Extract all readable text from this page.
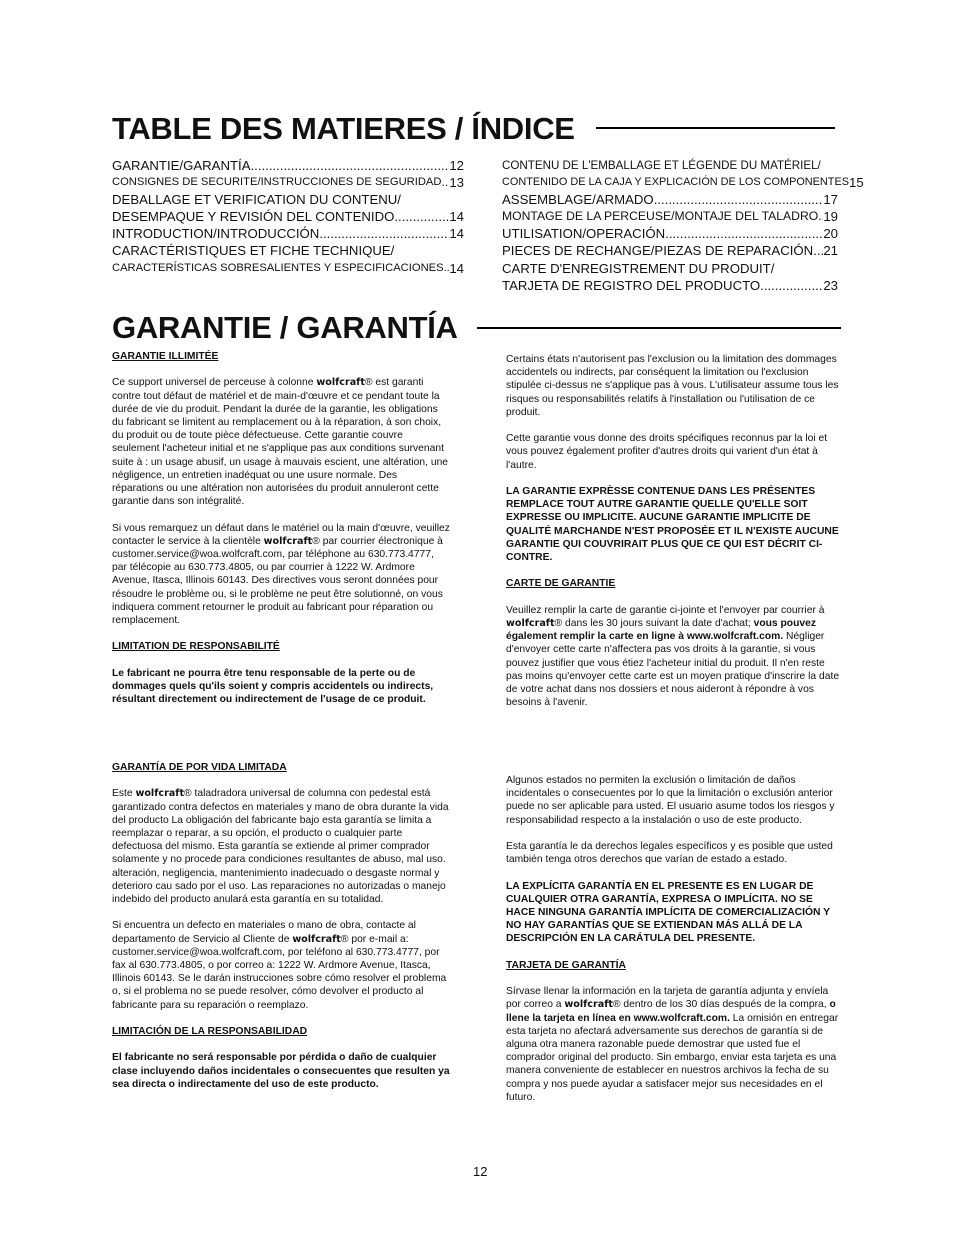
TABLE DES MATIERES / ÍNDICE
GARANTIE/GARANTÍA .....	12
CONSIGNES DE SECURITE/INSTRUCCIONES DE SEGURIDAD ..... 13
DEBALLAGE ET VERIFICATION DU CONTENU/
DESEMPAQUE Y REVISIÓN DEL CONTENIDO .....	14
INTRODUCTION/INTRODUCCIÓN .....	14
CARACTÉRISTIQUES ET FICHE TECHNIQUE/
CARACTERÍSTICAS SOBRESALIENTES Y ESPECIFICACIONES ..... 14
CONTENU DE L'EMBALLAGE ET LÉGENDE DU MATÉRIEL/
CONTENIDO DE LA CAJA Y EXPLICACIÓN DE LOS COMPONENTES 15
ASSEMBLAGE/ARMADO .....	17
MONTAGE DE LA PERCEUSE/MONTAJE DEL TALADRO ..... 19
UTILISATION/OPERACIÓN .....	20
PIECES DE RECHANGE/PIEZAS DE REPARACIÓN ..... 21
CARTE D'ENREGISTREMENT DU PRODUIT/
TARJETA DE REGISTRO DEL PRODUCTO .....	23
GARANTIE / GARANTÍA
GARANTIE ILLIMITÉE

Ce support universel de perceuse à colonne wolfcraft® est garanti contre tout défaut de matériel et de main-d'œuvre et ce pendant toute la durée de vie du produit. Pendant la durée de la garantie, les obligations du fabricant se limitent au remplacement ou à la réparation, à son choix, du produit ou de toute pièce défectueuse. Cette garantie couvre seulement l'acheteur initial et ne s'applique pas aux conditions survenant suite à : un usage abusif, un usage à mauvais escient, une altération, une négligence, un entretien inadéquat ou une usure normale. Des réparations ou une altération non autorisées du produit annuleront cette garantie dans son intégralité.

Si vous remarquez un défaut dans le matériel ou la main d'œuvre, veuillez contacter le service à la clientèle wolfcraft® par courrier électronique à customer.service@woa.wolfcraft.com, par téléphone au 630.773.4777, par télécopie au 630.773.4805, ou par courrier à 1222 W. Ardmore Avenue, Itasca, Illinois 60143. Des directives vous seront données pour résoudre le problème ou, si le problème ne peut être solutionné, on vous indiquera comment retourner le produit au fabricant pour réparation ou remplacement.

LIMITATION DE RESPONSABILITÉ

Le fabricant ne pourra être tenu responsable de la perte ou de dommages quels qu'ils soient y compris accidentels ou indirects, résultant directement ou indirectement de l'usage de ce produit.

Certains états n'autorisent pas l'exclusion ou la limitation des dommages accidentels ou indirects, par conséquent la limitation ou l'exclusion stipulée ci-dessus ne s'applique pas à vous. L'utilisateur assume tous les risques ou responsabilités relatifs à l'installation ou l'utilisation de ce produit.

Cette garantie vous donne des droits spécifiques reconnus par la loi et vous pouvez également profiter d'autres droits qui varient d'un état à l'autre.

LA GARANTIE EXPRÈSSE CONTENUE DANS LES PRÉSENTES REMPLACE TOUT AUTRE GARANTIE QUELLE QU'ELLE SOIT EXPRESSE OU IMPLICITE. AUCUNE GARANTIE IMPLICITE DE QUALITÉ MARCHANDE N'EST PROPOSÉE ET IL N'EXISTE AUCUNE GARANTIE QUI COUVRIRAIT PLUS QUE CE QUI EST DÉCRIT CI-CONTRE.

CARTE DE GARANTIE

Veuillez remplir la carte de garantie ci-jointe et l'envoyer par courrier à wolfcraft® dans les 30 jours suivant la date d'achat; vous pouvez également remplir la carte en ligne à www.wolfcraft.com. Négliger d'envoyer cette carte n'affectera pas vos droits à la garantie, si vous pouvez justifier que vous étiez l'acheteur initial du produit. Il n'en reste pas moins qu'envoyer cette carte est un moyen pratique d'inscrire la date de votre achat dans nos dossiers et nous aideront à répondre à vos besoins à l'avenir.

GARANTÍA DE POR VIDA LIMITADA

Este wolfcraft® taladradora universal de columna con pedestal está garantizado contra defectos en materiales y mano de obra durante la vida del producto La obligación del fabricante bajo esta garantía se limita a reemplazar o reparar, a su opción, el producto o cualquier parte defectuosa del mismo. Esta garantía se extiende al primer comprador solamente y no procede para condiciones resultantes de abuso, mal uso. alteración, negligencia, mantenimiento inadecuado o desgaste normal y deterioro cau sado por el uso. Las reparaciones no autorizadas o manejo indebido del producto anulará esta garantía en su totalidad.

Si encuentra un defecto en materiales o mano de obra, contacte al departamento de Servicio al Cliente de wolfcraft® por e-mail a: customer.service@woa.wolfcraft.com, por teléfono al 630.773.4777, por fax al 630.773.4805, o por correo a: 1222 W. Ardmore Avenue, Itasca, Illinois 60143. Se le darán instrucciones sobre cómo resolver el problema o, si el problema no se puede resolver, cómo devolver el producto al fabricante para su reparación o reemplazo.

LIMITACIÓN DE LA RESPONSABILIDAD

El fabricante no será responsable por pérdida o daño de cualquier clase incluyendo daños incidentales o consecuentes que resulten ya sea directa o indirectamente del uso de este producto.

Algunos estados no permiten la exclusión o limitación de daños incidentales o consecuentes por lo que la limitación o exclusión anterior puede no ser aplicable para usted. El usuario asume todos los riesgos y responsabilidad respecto a la instalación o uso de este producto.

Esta garantía le da derechos legales específicos y es posible que usted también tenga otros derechos que varían de estado a estado.

LA EXPLÍCITA GARANTÍA EN EL PRESENTE ES EN LUGAR DE CUALQUIER OTRA GARANTÍA, EXPRESA O IMPLÍCITA. NO SE HACE NINGUNA GARANTÍA IMPLÍCITA DE COMERCIALIZACIÓN Y NO HAY GARANTÍAS QUE SE EXTIENDAN MÁS ALLÁ DE LA DESCRIPCIÓN EN LA CARÁTULA DEL PRESENTE.

TARJETA DE GARANTÍA

Sírvase llenar la información en la tarjeta de garantía adjunta y envíela por correo a wolfcraft® dentro de los 30 días después de la compra, o llene la tarjeta en línea en www.wolfcraft.com. La omisión en entregar esta tarjeta no afectará adversamente sus derechos de garantía si de alguna otra manera razonable puede demostrar que usted fue el comprador original del producto. Sin embargo, enviar esta tarjeta es una manera conveniente de establecer en nuestros archivos la fecha de su compra y nos puede ayudar a satisfacer mejor sus necesidades en el futuro.

12
